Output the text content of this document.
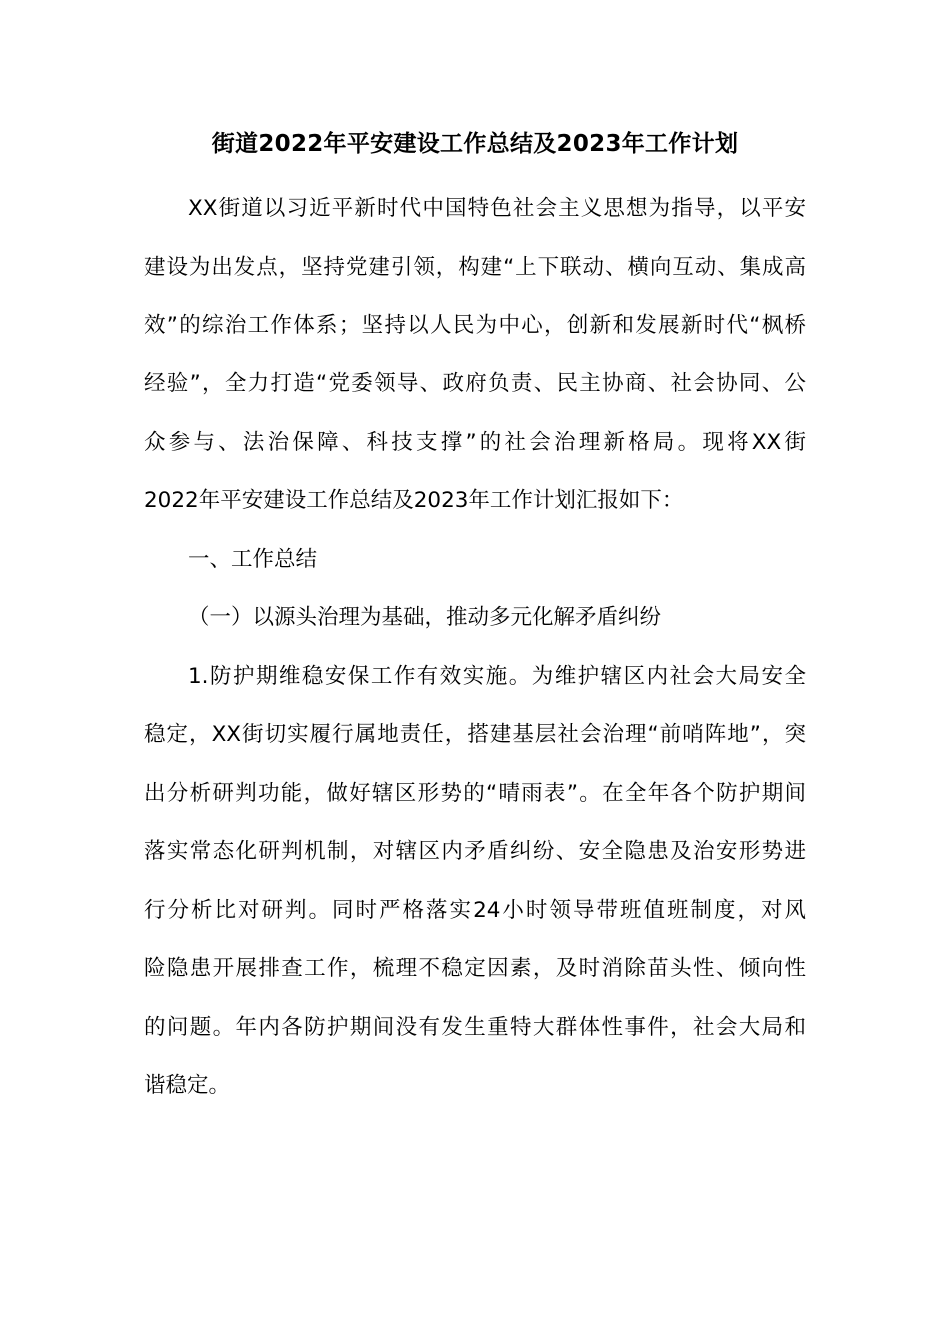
街道2022年平安建设工作总结及2023年工作计划
XX街道以习近平新时代中国特色社会主义思想为指导，以平安
建设为出发点，坚持党建引领，构建“上下联动、横向互动、集成高
效”的综治工作体系；坚持以人民为中心，创新和发展新时代“枫桥
经验”，全力打造“党委领导、政府负责、民主协商、社会协同、公
众参与、法治保障、科技支撑”的社会治理新格局。现将XX街
2022年平安建设工作总结及2023年工作计划汇报如下：
一、工作总结
（一）以源头治理为基础，推动多元化解矛盾纠纷
1.防护期维稳安保工作有效实施。为维护辖区内社会大局安全
稳定，XX街切实履行属地责任，搭建基层社会治理“前哨阵地”，突
出分析研判功能，做好辖区形势的“晴雨表”。在全年各个防护期间
落实常态化研判机制，对辖区内矛盾纠纷、安全隐患及治安形势进
行分析比对研判。同时严格落实24小时领导带班值班制度，对风
险隐患开展排查工作，梳理不稳定因素，及时消除苗头性、倾向性
的问题。年内各防护期间没有发生重特大群体性事件，社会大局和
谐稳定。
